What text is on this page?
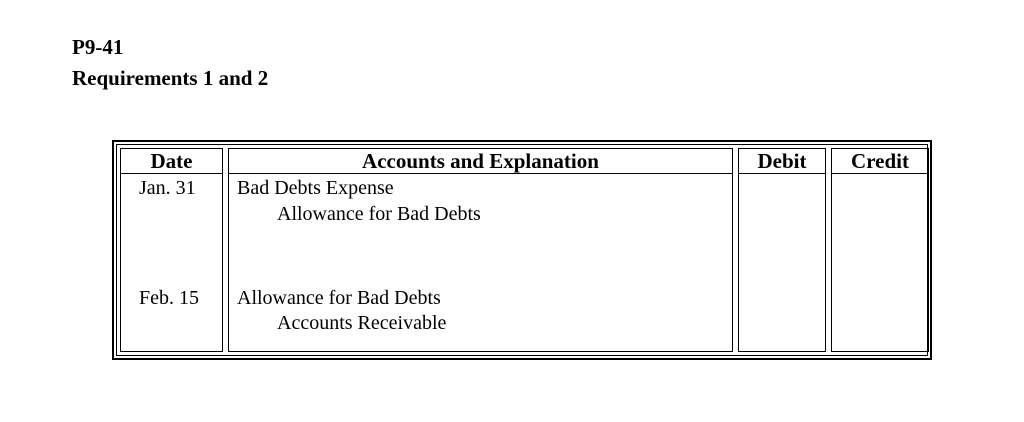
P9-41
Requirements 1 and 2
Date
Jan. 31
Feb. 15
Accounts and Explanation
Bad Debts Expense
Allowance for Bad Debts
Allowance for Bad Debts
Accounts Receivable
Debit	Credit
